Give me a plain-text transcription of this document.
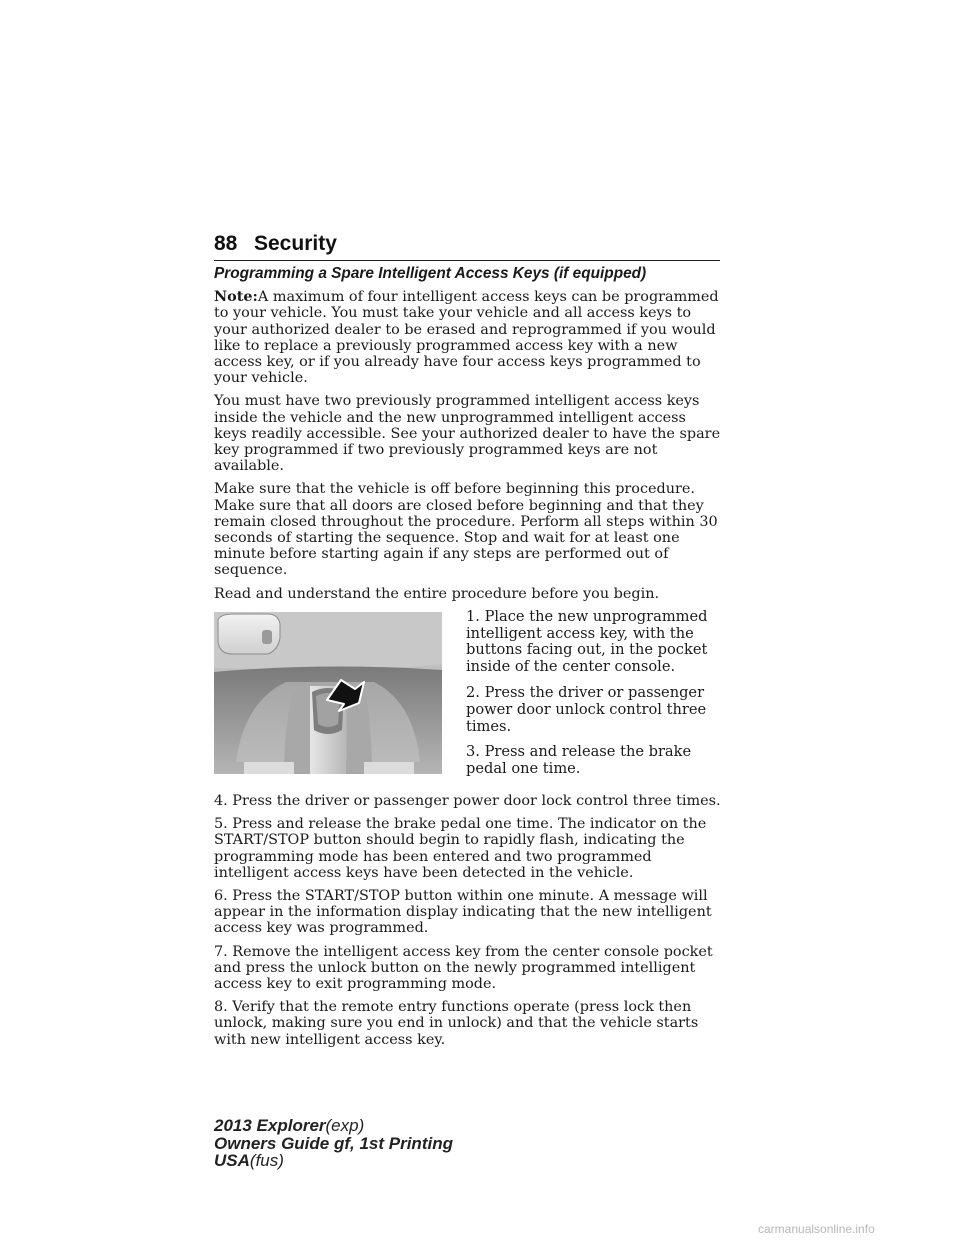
88 Security
Programming a Spare Intelligent Access Keys (if equipped)

Note:A maximum of four intelligent access keys can be programmed to your vehicle. You must take your vehicle and all access keys to your authorized dealer to be erased and reprogrammed if you would like to replace a previously programmed access key with a new access key, or if you already have four access keys programmed to your vehicle.

You must have two previously programmed intelligent access keys inside the vehicle and the new unprogrammed intelligent access keys readily accessible. See your authorized dealer to have the spare key programmed if two previously programmed keys are not available.

Make sure that the vehicle is off before beginning this procedure. Make sure that all doors are closed before beginning and that they remain closed throughout the procedure. Perform all steps within 30 seconds of starting the sequence. Stop and wait for at least one minute before starting again if any steps are performed out of sequence.

Read and understand the entire procedure before you begin.

1. Place the new unprogrammed intelligent access key, with the buttons facing out, in the pocket inside of the center console.

2. Press the driver or passenger power door unlock control three times.

3. Press and release the brake pedal one time.

4. Press the driver or passenger power door lock control three times.

5. Press and release the brake pedal one time. The indicator on the START/STOP button should begin to rapidly flash, indicating the programming mode has been entered and two programmed intelligent access keys have been detected in the vehicle.

6. Press the START/STOP button within one minute. A message will appear in the information display indicating that the new intelligent access key was programmed.

7. Remove the intelligent access key from the center console pocket and press the unlock button on the newly programmed intelligent access key to exit programming mode.

8. Verify that the remote entry functions operate (press lock then unlock, making sure you end in unlock) and that the vehicle starts with new intelligent access key.

2013 Explorer(exp)
Owners Guide gf, 1st Printing
USA(fus)
carmanualsonline.info
